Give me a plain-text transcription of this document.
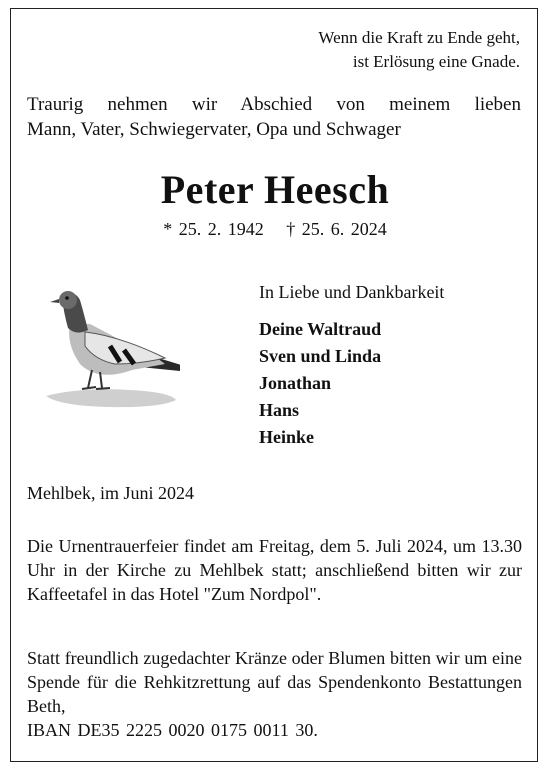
Wenn die Kraft zu Ende geht,
ist Erlösung eine Gnade.
Traurig nehmen wir Abschied von meinem lieben
Mann, Vater, Schwiegervater, Opa und Schwager
Peter Heesch
* 25. 2. 1942 † 25. 6. 2024
In Liebe und Dankbarkeit
Deine Waltraud
Sven und Linda
Jonathan
Hans
Heinke
Mehlbek, im Juni 2024
Die Urnentrauerfeier findet am Freitag, dem 5. Juli 2024, um 13.30 Uhr in der Kirche zu Mehlbek statt; anschließend bitten wir zur Kaffeetafel in das Hotel "Zum Nordpol".
Statt freundlich zugedachter Kränze oder Blumen bitten wir um eine Spende für die Rehkitzrettung auf das Spendenkonto Bestattungen Beth,
IBAN DE35 2225 0020 0175 0011 30.
